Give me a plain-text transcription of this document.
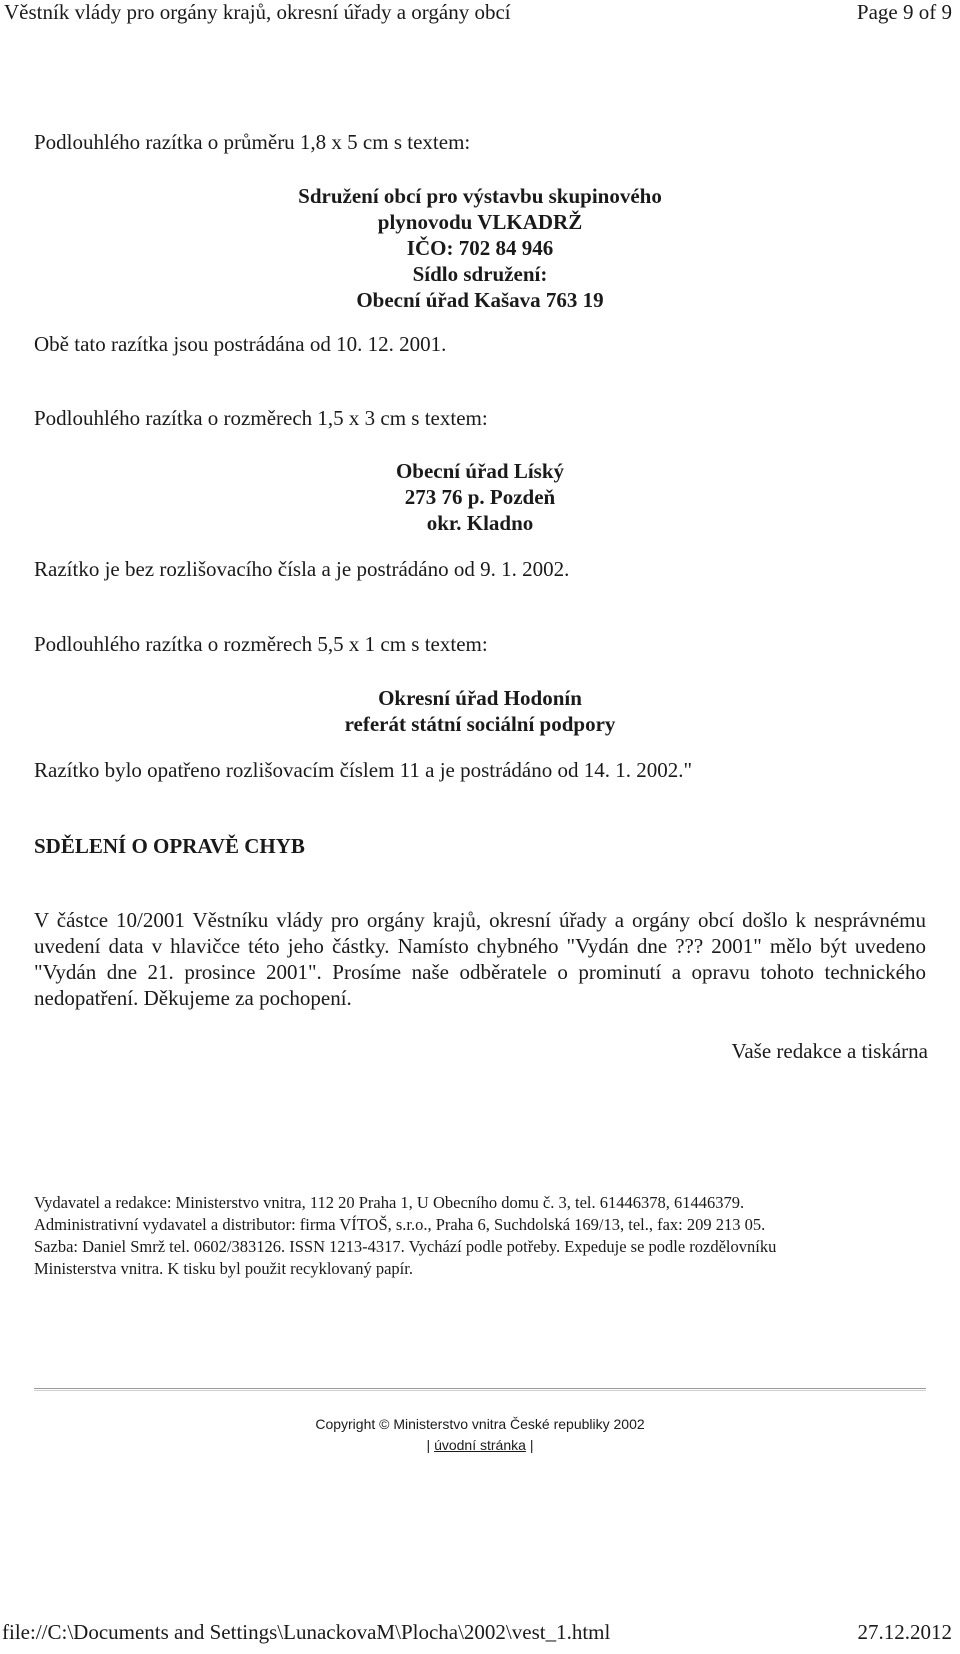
Věstník vlády pro orgány krajů, okresní úřady a orgány obcí	Page 9 of 9
Podlouhlého razítka o průměru 1,8 x 5 cm s textem:
Sdružení obcí pro výstavbu skupinového
plynovodu VLKADRŽ
IČO: 702 84 946
Sídlo sdružení:
Obecní úřad Kašava 763 19
Obě tato razítka jsou postrádána od 10. 12. 2001.
Podlouhlého razítka o rozměrech 1,5 x 3 cm s textem:
Obecní úřad Líský
273 76 p. Pozdeň
okr. Kladno
Razítko je bez rozlišovacího čísla a je postrádáno od 9. 1. 2002.
Podlouhlého razítka o rozměrech 5,5 x 1 cm s textem:
Okresní úřad Hodonín
referát státní sociální podpory
Razítko bylo opatřeno rozlišovacím číslem 11 a je postrádáno od 14. 1. 2002."
SDĚLENÍ O OPRAVĚ CHYB
V částce 10/2001 Věstníku vlády pro orgány krajů, okresní úřady a orgány obcí došlo k nesprávnému uvedení data v hlavičce této jeho částky. Namísto chybného "Vydán dne ??? 2001" mělo být uvedeno "Vydán dne 21. prosince 2001". Prosíme naše odběratele o prominutí a opravu tohoto technického nedopatření. Děkujeme za pochopení.
Vaše redakce a tiskárna
Vydavatel a redakce: Ministerstvo vnitra, 112 20 Praha 1, U Obecního domu č. 3, tel. 61446378, 61446379.
Administrativní vydavatel a distributor: firma VÍTOŠ, s.r.o., Praha 6, Suchdolská 169/13, tel., fax: 209 213 05.
Sazba: Daniel Smrž tel. 0602/383126. ISSN 1213-4317. Vychází podle potřeby. Expeduje se podle rozdělovníku
Ministerstva vnitra. K tisku byl použit recyklovaný papír.
Copyright © Ministerstvo vnitra České republiky 2002
| úvodní stránka |
file://C:\Documents and Settings\LunackovaM\Plocha\2002\vest_1.html	27.12.2012
